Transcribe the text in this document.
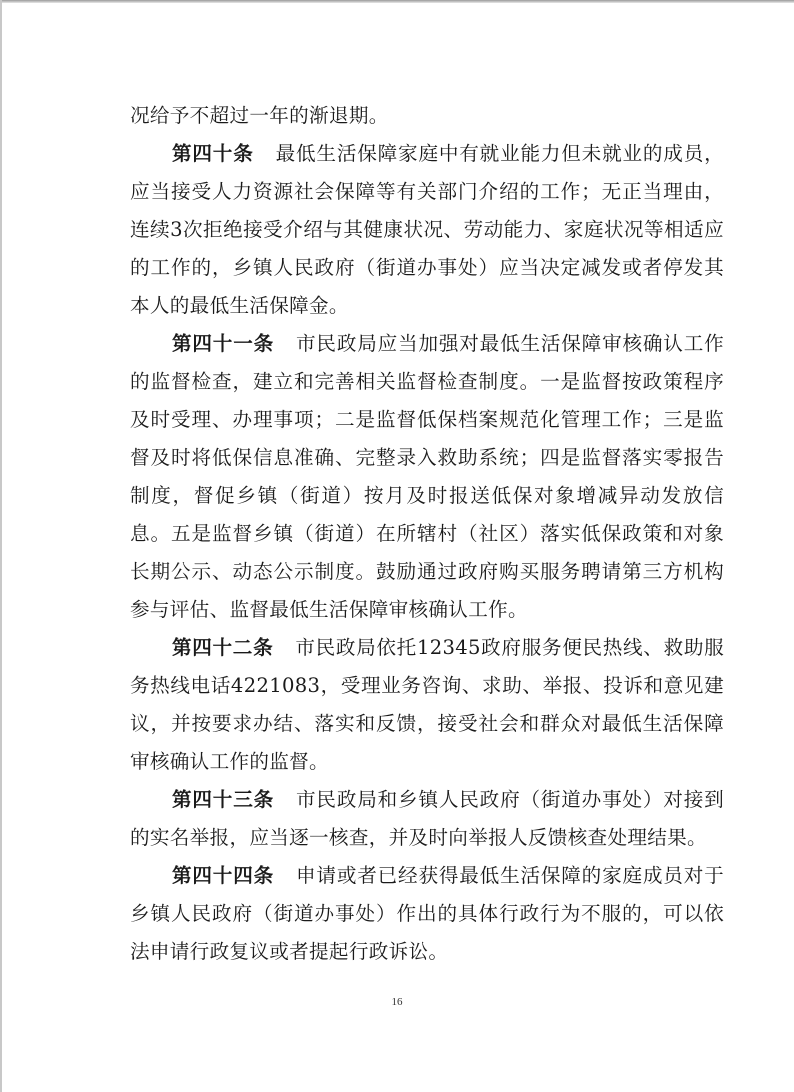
况给予不超过一年的渐退期。

第四十条 最低生活保障家庭中有就业能力但未就业的成员，应当接受人力资源社会保障等有关部门介绍的工作；无正当理由，连续3次拒绝接受介绍与其健康状况、劳动能力、家庭状况等相适应的工作的，乡镇人民政府（街道办事处）应当决定减发或者停发其本人的最低生活保障金。

第四十一条 市民政局应当加强对最低生活保障审核确认工作的监督检查，建立和完善相关监督检查制度。一是监督按政策程序及时受理、办理事项；二是监督低保档案规范化管理工作；三是监督及时将低保信息准确、完整录入救助系统；四是监督落实零报告制度，督促乡镇（街道）按月及时报送低保对象增减异动发放信息。五是监督乡镇（街道）在所辖村（社区）落实低保政策和对象长期公示、动态公示制度。鼓励通过政府购买服务聘请第三方机构参与评估、监督最低生活保障审核确认工作。

第四十二条 市民政局依托12345政府服务便民热线、救助服务热线电话4221083，受理业务咨询、求助、举报、投诉和意见建议，并按要求办结、落实和反馈，接受社会和群众对最低生活保障审核确认工作的监督。

第四十三条 市民政局和乡镇人民政府（街道办事处）对接到的实名举报，应当逐一核查，并及时向举报人反馈核查处理结果。

第四十四条 申请或者已经获得最低生活保障的家庭成员对于乡镇人民政府（街道办事处）作出的具体行政行为不服的，可以依法申请行政复议或者提起行政诉讼。

16
